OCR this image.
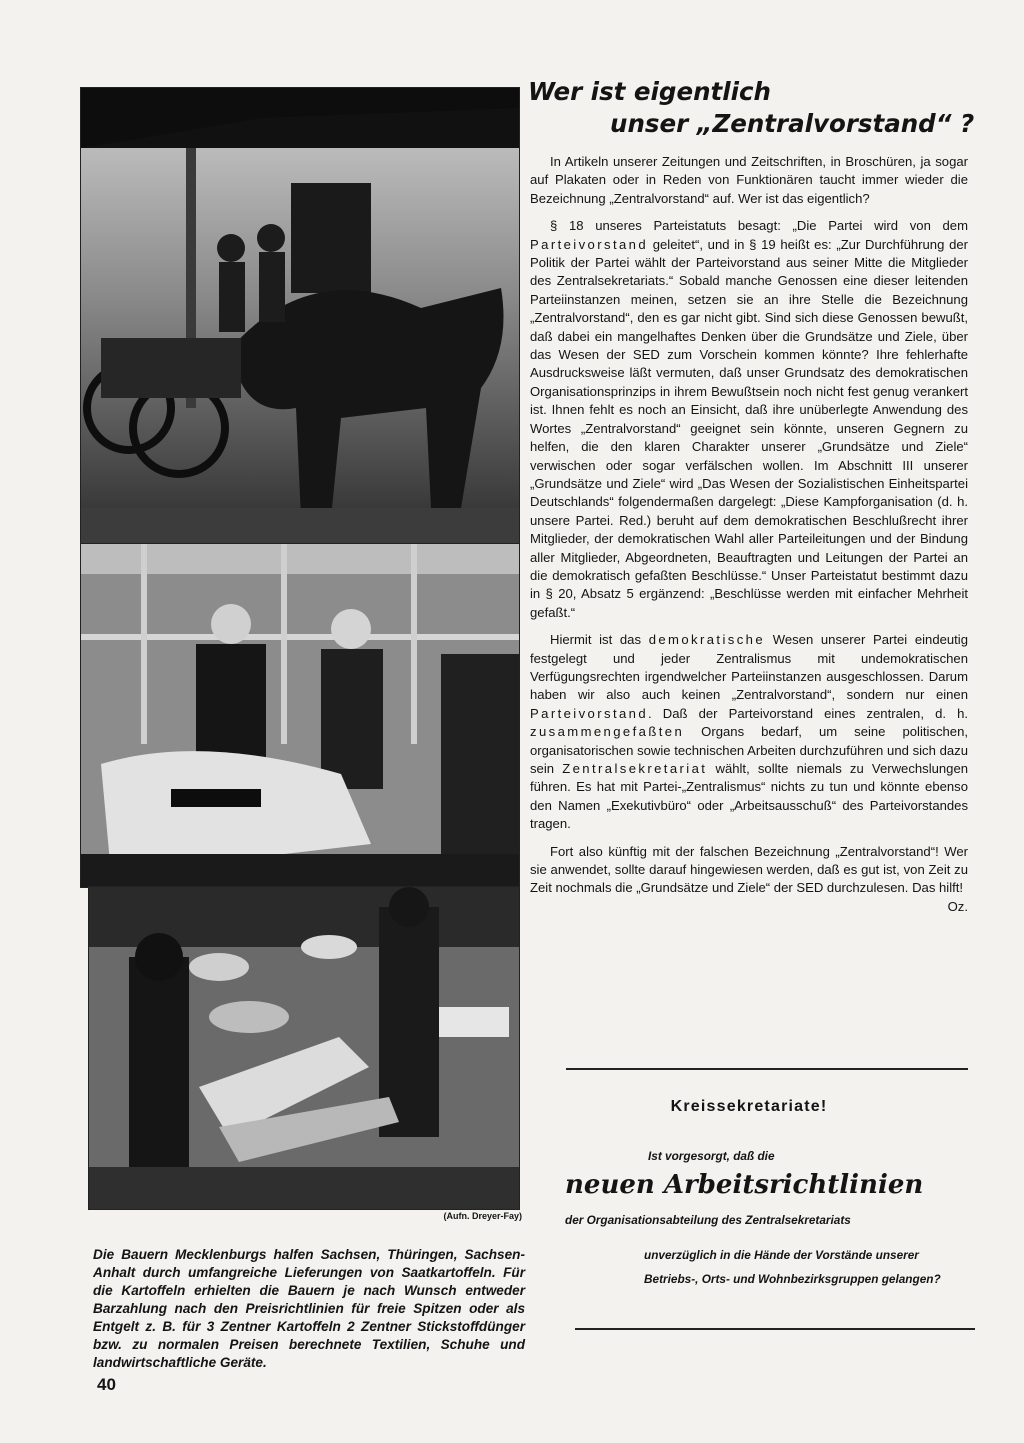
(Aufn. Dreyer-Fay)
Die Bauern Mecklenburgs halfen Sachsen, Thüringen, Sachsen-Anhalt durch umfangreiche Lieferungen von Saatkartoffeln. Für die Kartoffeln erhielten die Bauern je nach Wunsch entweder Barzahlung nach den Preisrichtlinien für freie Spitzen oder als Entgelt z. B. für 3 Zentner Kartoffeln 2 Zentner Stickstoffdünger bzw. zu normalen Preisen berechnete Textilien, Schuhe und landwirtschaftliche Geräte.
40
Wer ist eigentlich
unser „Zentralvorstand“ ?

In Artikeln unserer Zeitungen und Zeitschriften, in Broschüren, ja sogar auf Plakaten oder in Reden von Funktionären taucht immer wieder die Bezeichnung „Zentralvorstand“ auf. Wer ist das eigentlich?

§ 18 unseres Parteistatuts besagt: „Die Partei wird von dem Parteivorstand geleitet“, und in § 19 heißt es: „Zur Durchführung der Politik der Partei wählt der Parteivorstand aus seiner Mitte die Mitglieder des Zentralsekretariats.“ Sobald manche Genossen eine dieser leitenden Parteiinstanzen meinen, setzen sie an ihre Stelle die Bezeichnung „Zentralvorstand“, den es gar nicht gibt. Sind sich diese Genossen bewußt, daß dabei ein mangelhaftes Denken über die Grundsätze und Ziele, über das Wesen der SED zum Vorschein kommen könnte? Ihre fehlerhafte Ausdrucksweise läßt vermuten, daß unser Grundsatz des demokratischen Organisationsprinzips in ihrem Bewußtsein noch nicht fest genug verankert ist. Ihnen fehlt es noch an Einsicht, daß ihre unüberlegte Anwendung des Wortes „Zentralvorstand“ geeignet sein könnte, unseren Gegnern zu helfen, die den klaren Charakter unserer „Grundsätze und Ziele“ verwischen oder sogar verfälschen wollen. Im Abschnitt III unserer „Grundsätze und Ziele“ wird „Das Wesen der Sozialistischen Einheitspartei Deutschlands“ folgendermaßen dargelegt: „Diese Kampforganisation (d. h. unsere Partei. Red.) beruht auf dem demokratischen Beschlußrecht ihrer Mitglieder, der demokratischen Wahl aller Parteileitungen und der Bindung aller Mitglieder, Abgeordneten, Beauftragten und Leitungen der Partei an die demokratisch gefaßten Beschlüsse.“ Unser Parteistatut bestimmt dazu in § 20, Absatz 5 ergänzend: „Beschlüsse werden mit einfacher Mehrheit gefaßt.“

Hiermit ist das demokratische Wesen unserer Partei eindeutig festgelegt und jeder Zentralismus mit undemokratischen Verfügungsrechten irgendwelcher Parteiinstanzen ausgeschlossen. Darum haben wir also auch keinen „Zentralvorstand“, sondern nur einen Parteivorstand. Daß der Parteivorstand eines zentralen, d. h. zusammengefaßten Organs bedarf, um seine politischen, organisatorischen sowie technischen Arbeiten durchzuführen und sich dazu sein Zentralsekretariat wählt, sollte niemals zu Verwechslungen führen. Es hat mit Partei-„Zentralismus“ nichts zu tun und könnte ebenso den Namen „Exekutivbüro“ oder „Arbeitsausschuß“ des Parteivorstandes tragen.

Fort also künftig mit der falschen Bezeichnung „Zentralvorstand“! Wer sie anwendet, sollte darauf hingewiesen werden, daß es gut ist, von Zeit zu Zeit nochmals die „Grundsätze und Ziele“ der SED durchzulesen. Das hilft!
Oz.

Kreissekretariate!
Ist vorgesorgt, daß die
neuen Arbeitsrichtlinien
der Organisationsabteilung des Zentralsekretariats
unverzüglich in die Hände der Vorstände unserer
Betriebs-, Orts- und Wohnbezirksgruppen gelangen?
